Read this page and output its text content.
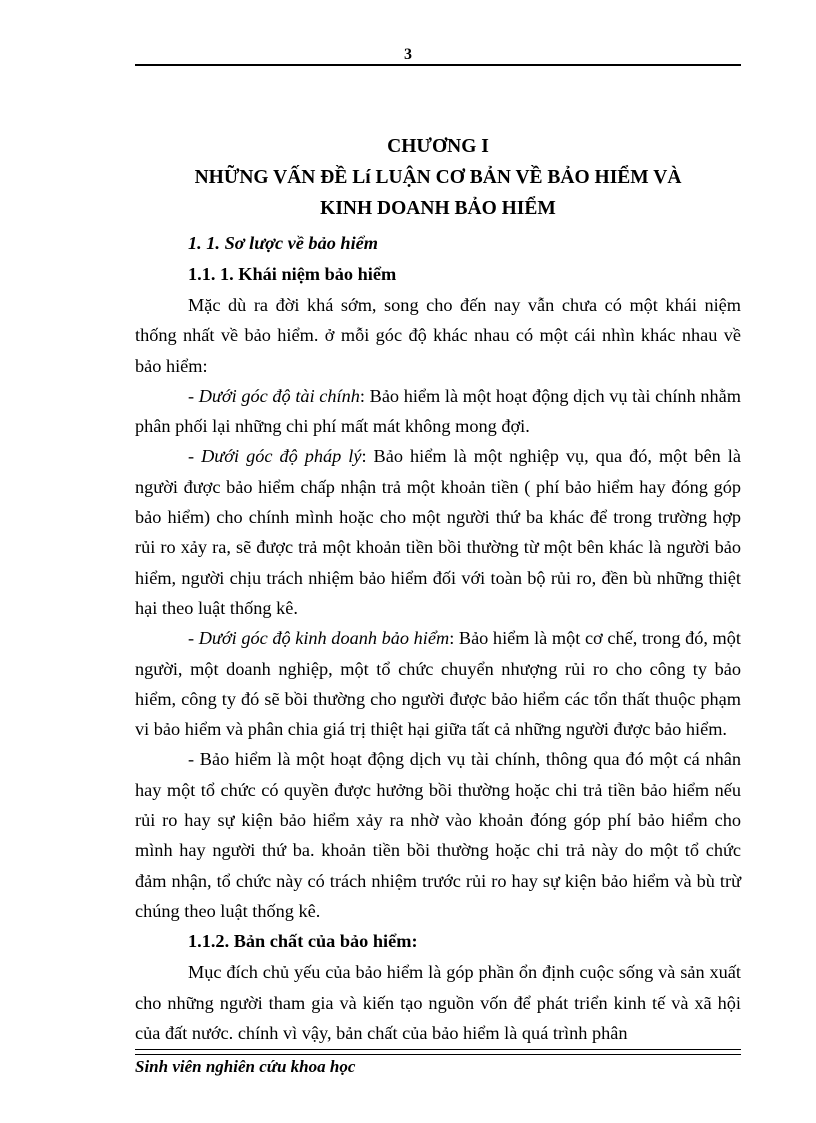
3
CHƯƠNG I
NHỮNG VẤN ĐỀ Lí LUẬN CƠ BẢN VỀ BẢO HIỂM VÀ
KINH DOANH BẢO HIỂM

1. 1. Sơ lược về bảo hiểm

1.1. 1. Khái niệm bảo hiểm

Mặc dù ra đời khá sớm, song cho đến nay vẫn chưa có một khái niệm thống nhất về bảo hiểm. ở mỗi góc độ khác nhau có một cái nhìn khác nhau về bảo hiểm:

- Dưới góc độ tài chính: Bảo hiểm là một hoạt động dịch vụ tài chính nhằm phân phối lại những chi phí mất mát không mong đợi.

- Dưới góc độ pháp lý: Bảo hiểm là một nghiệp vụ, qua đó, một bên là người được bảo hiểm chấp nhận trả một khoản tiền ( phí bảo hiểm hay đóng góp bảo hiểm) cho chính mình hoặc cho một người thứ ba khác để trong trường hợp rủi ro xảy ra, sẽ được trả một khoản tiền bồi thường từ một bên khác là người bảo hiểm, người chịu trách nhiệm bảo hiểm đối với toàn bộ rủi ro, đền bù những thiệt hại theo luật thống kê.

- Dưới góc độ kinh doanh bảo hiểm: Bảo hiểm là một cơ chế, trong đó, một người, một doanh nghiệp, một tổ chức chuyển nhượng rủi ro cho công ty bảo hiểm, công ty đó sẽ bồi thường cho người được bảo hiểm các tổn thất thuộc phạm vi bảo hiểm và phân chia giá trị thiệt hại giữa tất cả những người được bảo hiểm.

- Bảo hiểm là một hoạt động dịch vụ tài chính, thông qua đó một cá nhân hay một tổ chức có quyền được hưởng bồi thường hoặc chi trả tiền bảo hiểm nếu rủi ro hay sự kiện bảo hiểm xảy ra nhờ vào khoản đóng góp phí bảo hiểm cho mình hay người thứ ba. khoản tiền bồi thường hoặc chi trả này do một tổ chức đảm nhận, tổ chức này có trách nhiệm trước rủi ro hay sự kiện bảo hiểm và bù trừ chúng theo luật thống kê.

1.1.2. Bản chất của bảo hiểm:

Mục đích chủ yếu của bảo hiểm là góp phần ổn định cuộc sống và sản xuất cho những người tham gia và kiến tạo nguồn vốn để phát triển kinh tế và xã hội của đất nước. chính vì vậy, bản chất của bảo hiểm là quá trình phân

Sinh viên nghiên cứu khoa học
